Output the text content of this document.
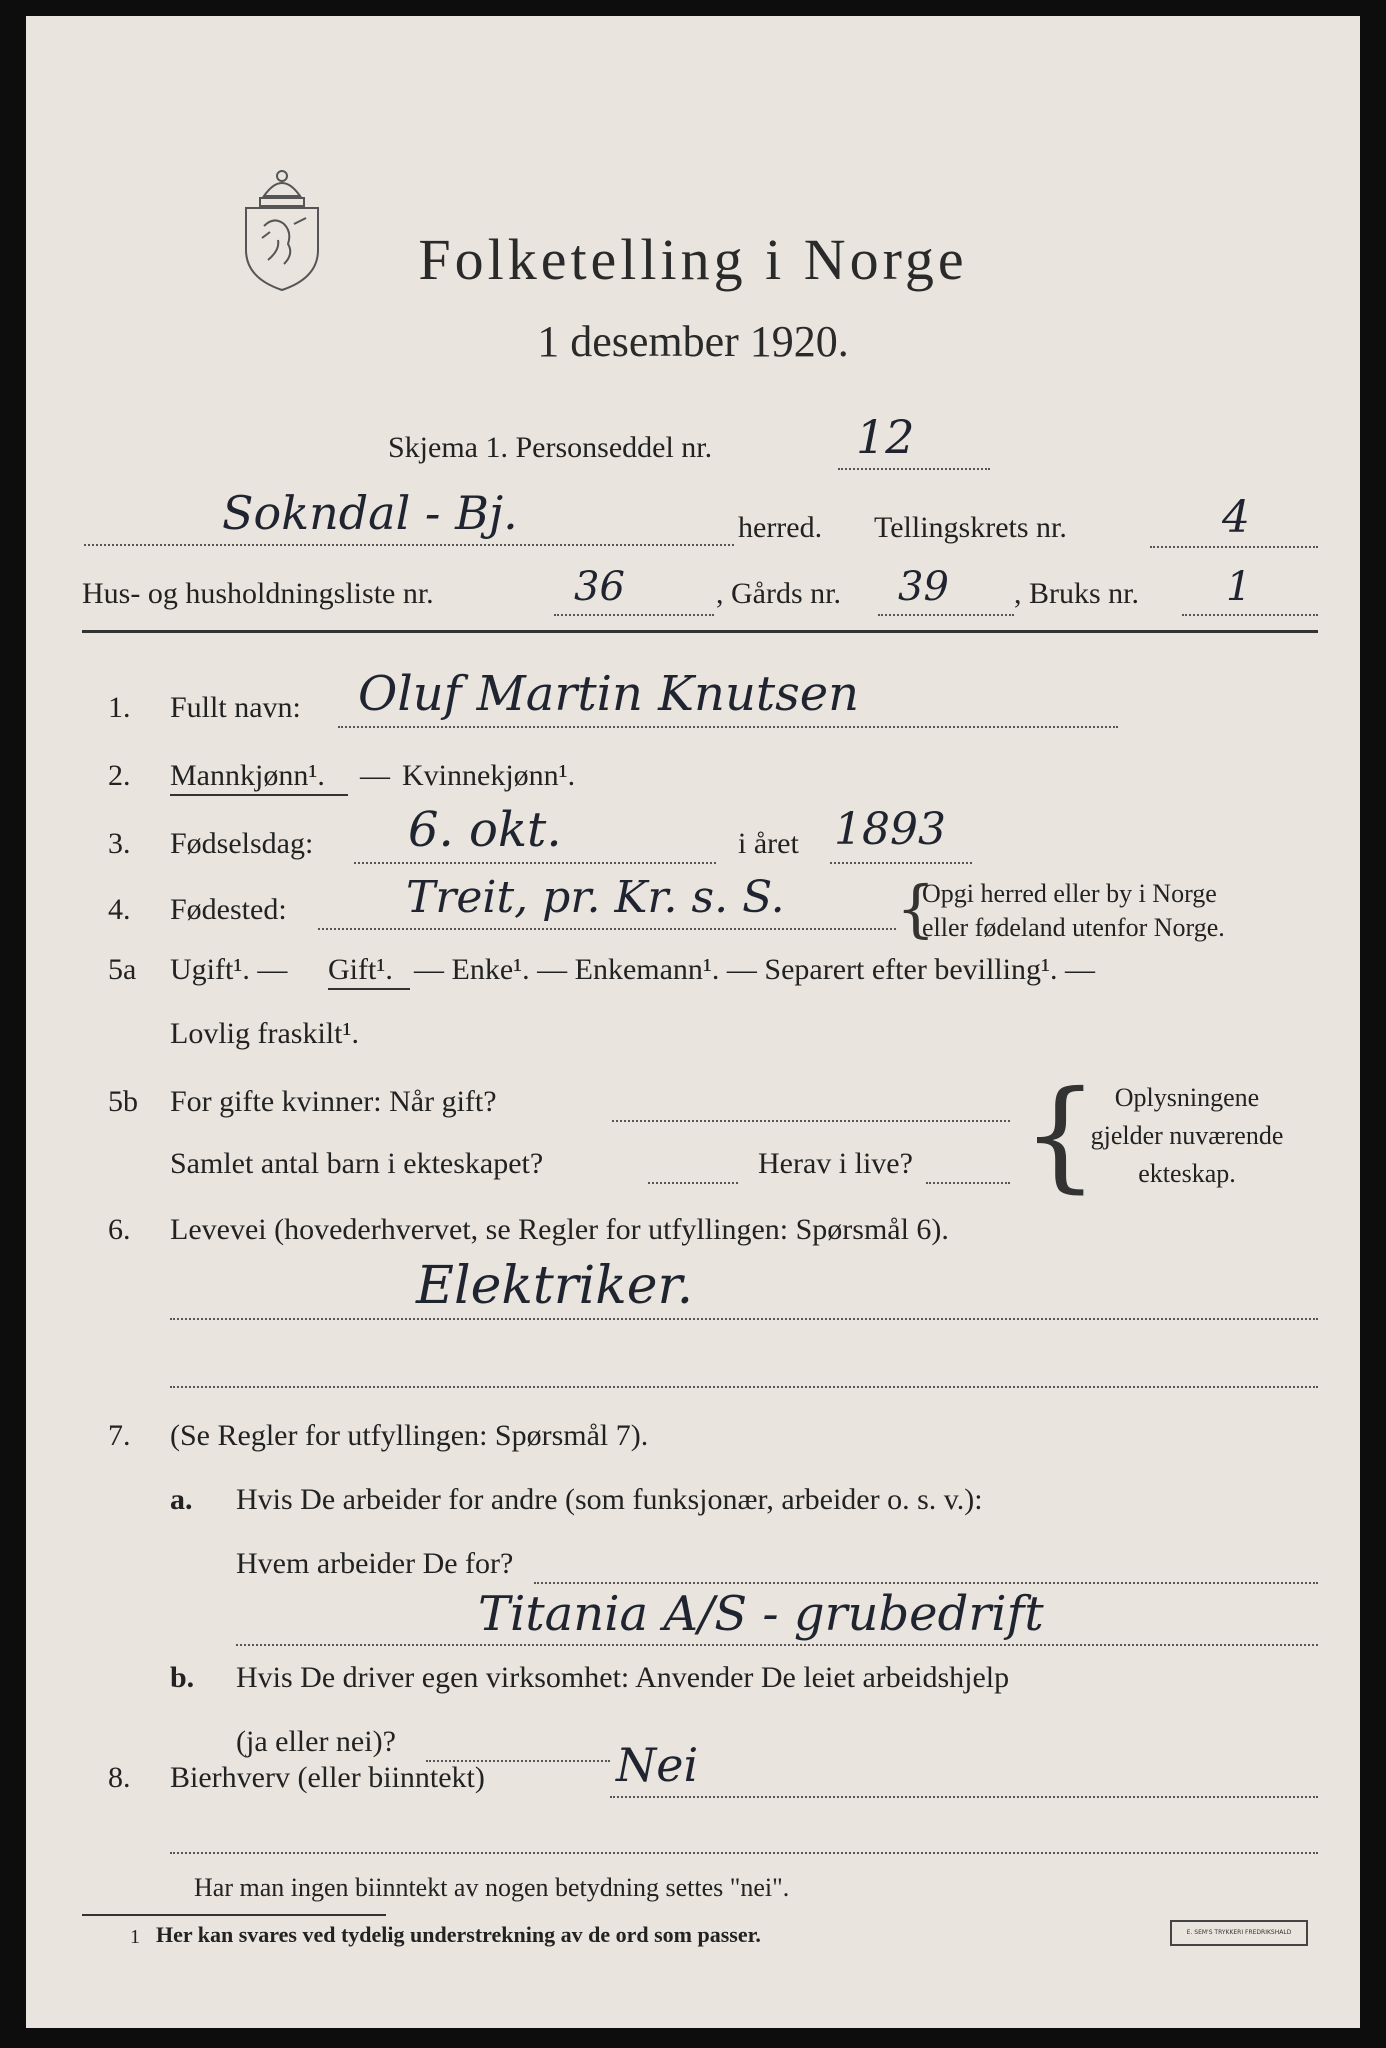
Folketelling i Norge
1 desember 1920.
Skjema 1. Personseddel nr.	12
Sokndal - Bj.	herred. Tellingskrets nr.	4
Hus- og husholdningsliste nr.	36	, Gårds nr. 39 , Bruks nr. 1
1. Fullt navn: Oluf Martin Knutsen
2. Mannkjønn¹. — Kvinnekjønn¹.
3. Fødselsdag: 6. okt.	i året 1893
4. Fødested:	Treit, pr. Kr. s. S. {
Opgi herred eller by i Norge
eller fødeland utenfor Norge.
5a Ugift¹. — Gift¹. — Enke¹. — Enkemann¹. — Separert efter bevilling¹. —
Lovlig fraskilt¹.
5b For gifte kvinner: Når gift?
Samlet antal barn i ekteskapet?	Herav i live? { Oplysningene
gjelder nuværende
ekteskap.
6. Levevei (hovederhvervet, se Regler for utfyllingen: Spørsmål 6).
Elektriker.
7. (Se Regler for utfyllingen: Spørsmål 7).
a. Hvis De arbeider for andre (som funksjonær, arbeider o. s. v.):
Hvem arbeider De for?
Titania A/S - grubedrift
b. Hvis De driver egen virksomhet: Anvender De leiet arbeidshjelp
(ja eller nei)?
8. Bierhverv (eller biinntekt)	Nei
Har man ingen biinntekt av nogen betydning settes "nei".
1 Her kan svares ved tydelig understrekning av de ord som passer.	E. SEM'S TRYKKERI FREDRIKSHALD
